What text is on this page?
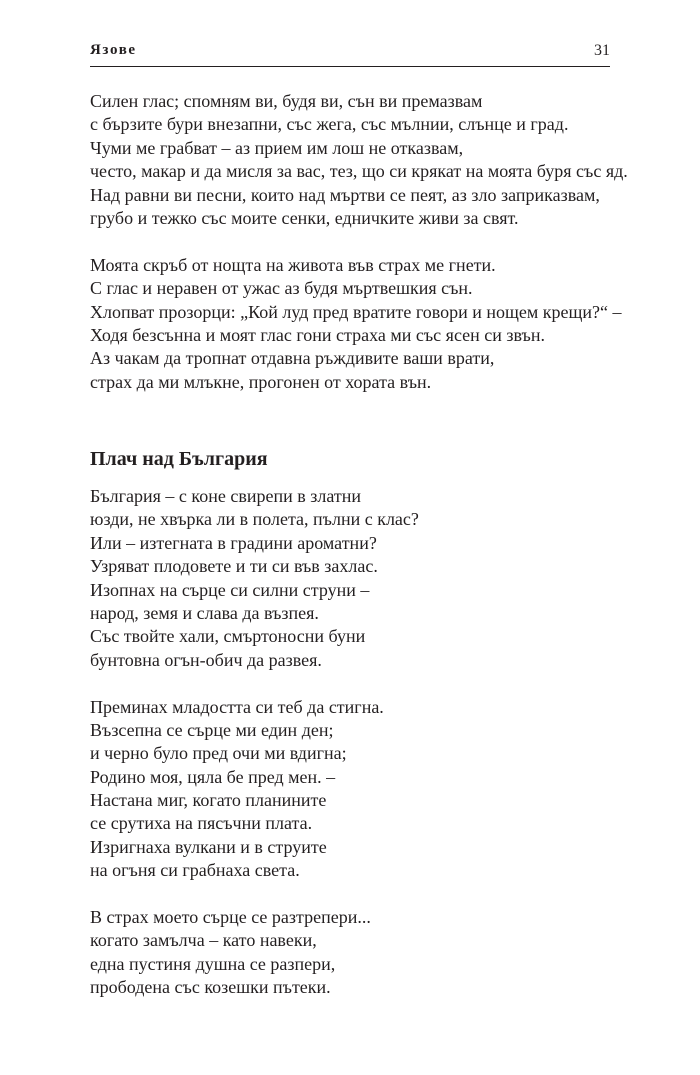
Язове	31
Силен глас; спомням ви, будя ви, сън ви премазвам
с бързите бури внезапни, със жега, със мълнии, слънце и град.
Чуми ме грабват – аз прием им лош не отказвам,
често, макар и да мисля за вас, тез, що си крякат на моята буря със яд.
Над равни ви песни, които над мъртви се пеят, аз зло заприказвам,
грубо и тежко със моите сенки, едничките живи за свят.
Моята скръб от нощта на живота във страх ме гнети.
С глас и неравен от ужас аз будя мъртвешкия сън.
Хлопват прозорци: „Кой луд пред вратите говори и нощем крещи?“ –
Ходя безсънна и моят глас гони страха ми със ясен си звън.
Аз чакам да тропнат отдавна ръждивите ваши врати,
страх да ми млъкне, прогонен от хората вън.
Плач над България
България – с коне свирепи в златни
юзди, не хвърка ли в полета, пълни с клас?
Или – изтегната в градини ароматни?
Узряват плодовете и ти си във захлас.
Изопнах на сърце си силни струни –
народ, земя и слава да възпея.
Със твойте хали, смъртоносни буни
бунтовна огън-обич да развея.
Преминах младостта си теб да стигна.
Възсепна се сърце ми един ден;
и черно було пред очи ми вдигна;
Родино моя, цяла бе пред мен. –
Настана миг, когато планините
се срутиха на пясъчни плата.
Изригнаха вулкани и в струите
на огъня си грабнаха света.
В страх моето сърце се разтрепери...
когато замълча – като навеки,
една пустиня душна се разпери,
прободена със козешки пътеки.
